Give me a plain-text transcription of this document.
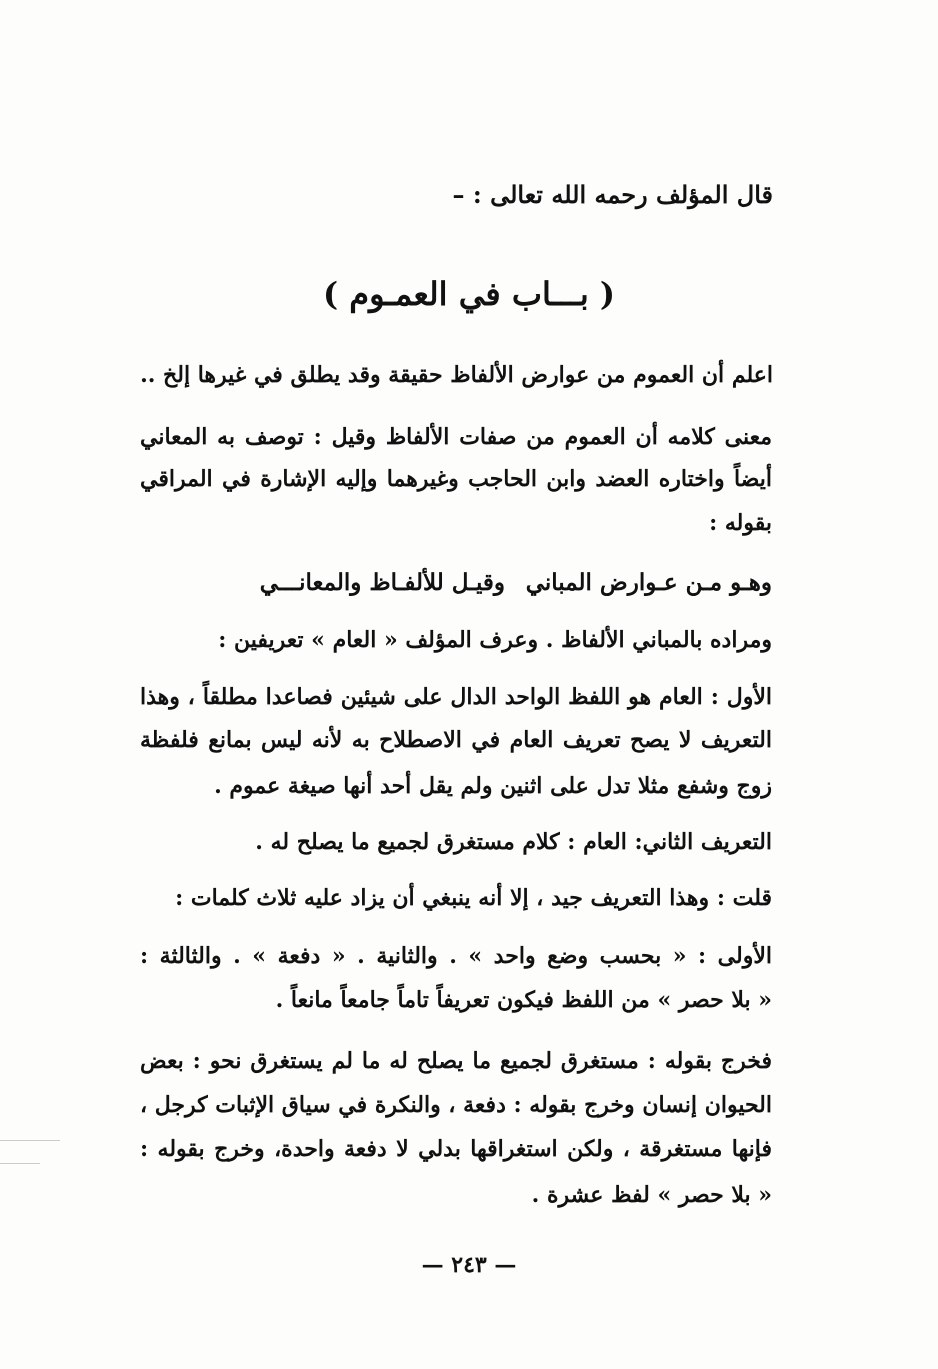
قال المؤلف رحمه الله تعالى : –
( بـــاب في العمـوم )
اعلم أن العموم من عوارض الألفاظ حقيقة وقد يطلق في غيرها إلخ ..
معنى كلامه أن العموم من صفات الألفاظ وقيل : توصف به المعاني
أيضاً واختاره العضد وابن الحاجب وغيرهما وإليه الإشارة في المراقي
بقوله :
وهـو مـن عـوارض المباني
وقيـل للألفـاظ والمعانـــي
ومراده بالمباني الألفاظ . وعرف المؤلف « العام » تعريفين :
الأول : العام هو اللفظ الواحد الدال على شيئين فصاعدا مطلقاً ، وهذا
التعريف لا يصح تعريف العام في الاصطلاح به لأنه ليس بمانع فلفظة
زوج وشفع مثلا تدل على اثنين ولم يقل أحد أنها صيغة عموم .
التعريف الثاني: العام : كلام مستغرق لجميع ما يصلح له .
قلت : وهذا التعريف جيد ، إلا أنه ينبغي أن يزاد عليه ثلاث كلمات :
الأولى : « بحسب وضع واحد » . والثانية . « دفعة » . والثالثة :
« بلا حصر » من اللفظ فيكون تعريفاً تاماً جامعاً مانعاً .
فخرج بقوله : مستغرق لجميع ما يصلح له ما لم يستغرق نحو : بعض
الحيوان إنسان وخرج بقوله : دفعة ، والنكرة في سياق الإثبات كرجل ،
فإنها مستغرقة ، ولكن استغراقها بدلي لا دفعة واحدة، وخرج بقوله :
« بلا حصر » لفظ عشرة .
— ٢٤٣ —
